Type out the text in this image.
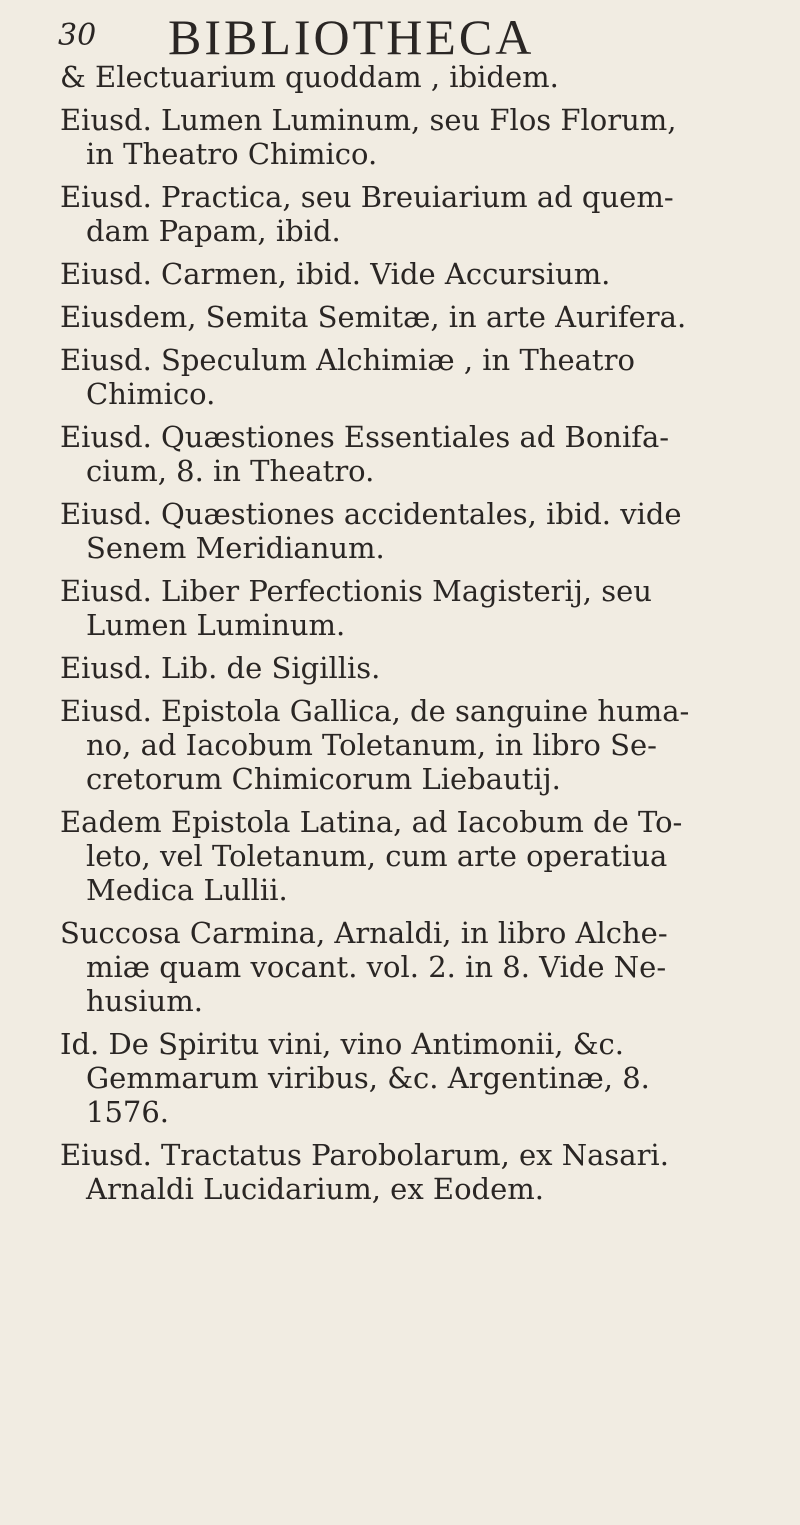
30 BIBLIOTHECA

& Electuarium quoddam , ibidem.

Eiusd. Lumen Luminum, seu Flos Florum,
in Theatro Chimico.

Eiusd. Practica, seu Breuiarium ad quem-
dam Papam, ibid.

Eiusd. Carmen, ibid. Vide Accursium.

Eiusdem, Semita Semitæ, in arte Aurifera.

Eiusd. Speculum Alchimiæ , in Theatro
Chimico.

Eiusd. Quæstiones Essentiales ad Bonifa-
cium, 8. in Theatro.

Eiusd. Quæstiones accidentales, ibid. vide
Senem Meridianum.

Eiusd. Liber Perfectionis Magisterij, seu
Lumen Luminum.

Eiusd. Lib. de Sigillis.

Eiusd. Epistola Gallica, de sanguine huma-
no, ad Iacobum Toletanum, in libro Se-
cretorum Chimicorum Liebautij.

Eadem Epistola Latina, ad Iacobum de To-
leto, vel Toletanum, cum arte operatiua
Medica Lullii.

Succosa Carmina, Arnaldi, in libro Alche-
miæ quam vocant. vol. 2. in 8. Vide Ne-
husium.

Id. De Spiritu vini, vino Antimonii, &c.
Gemmarum viribus, &c. Argentinæ, 8.
1576.

Eiusd. Tractatus Parobolarum, ex Nasari.
Arnaldi Lucidarium, ex Eodem.
